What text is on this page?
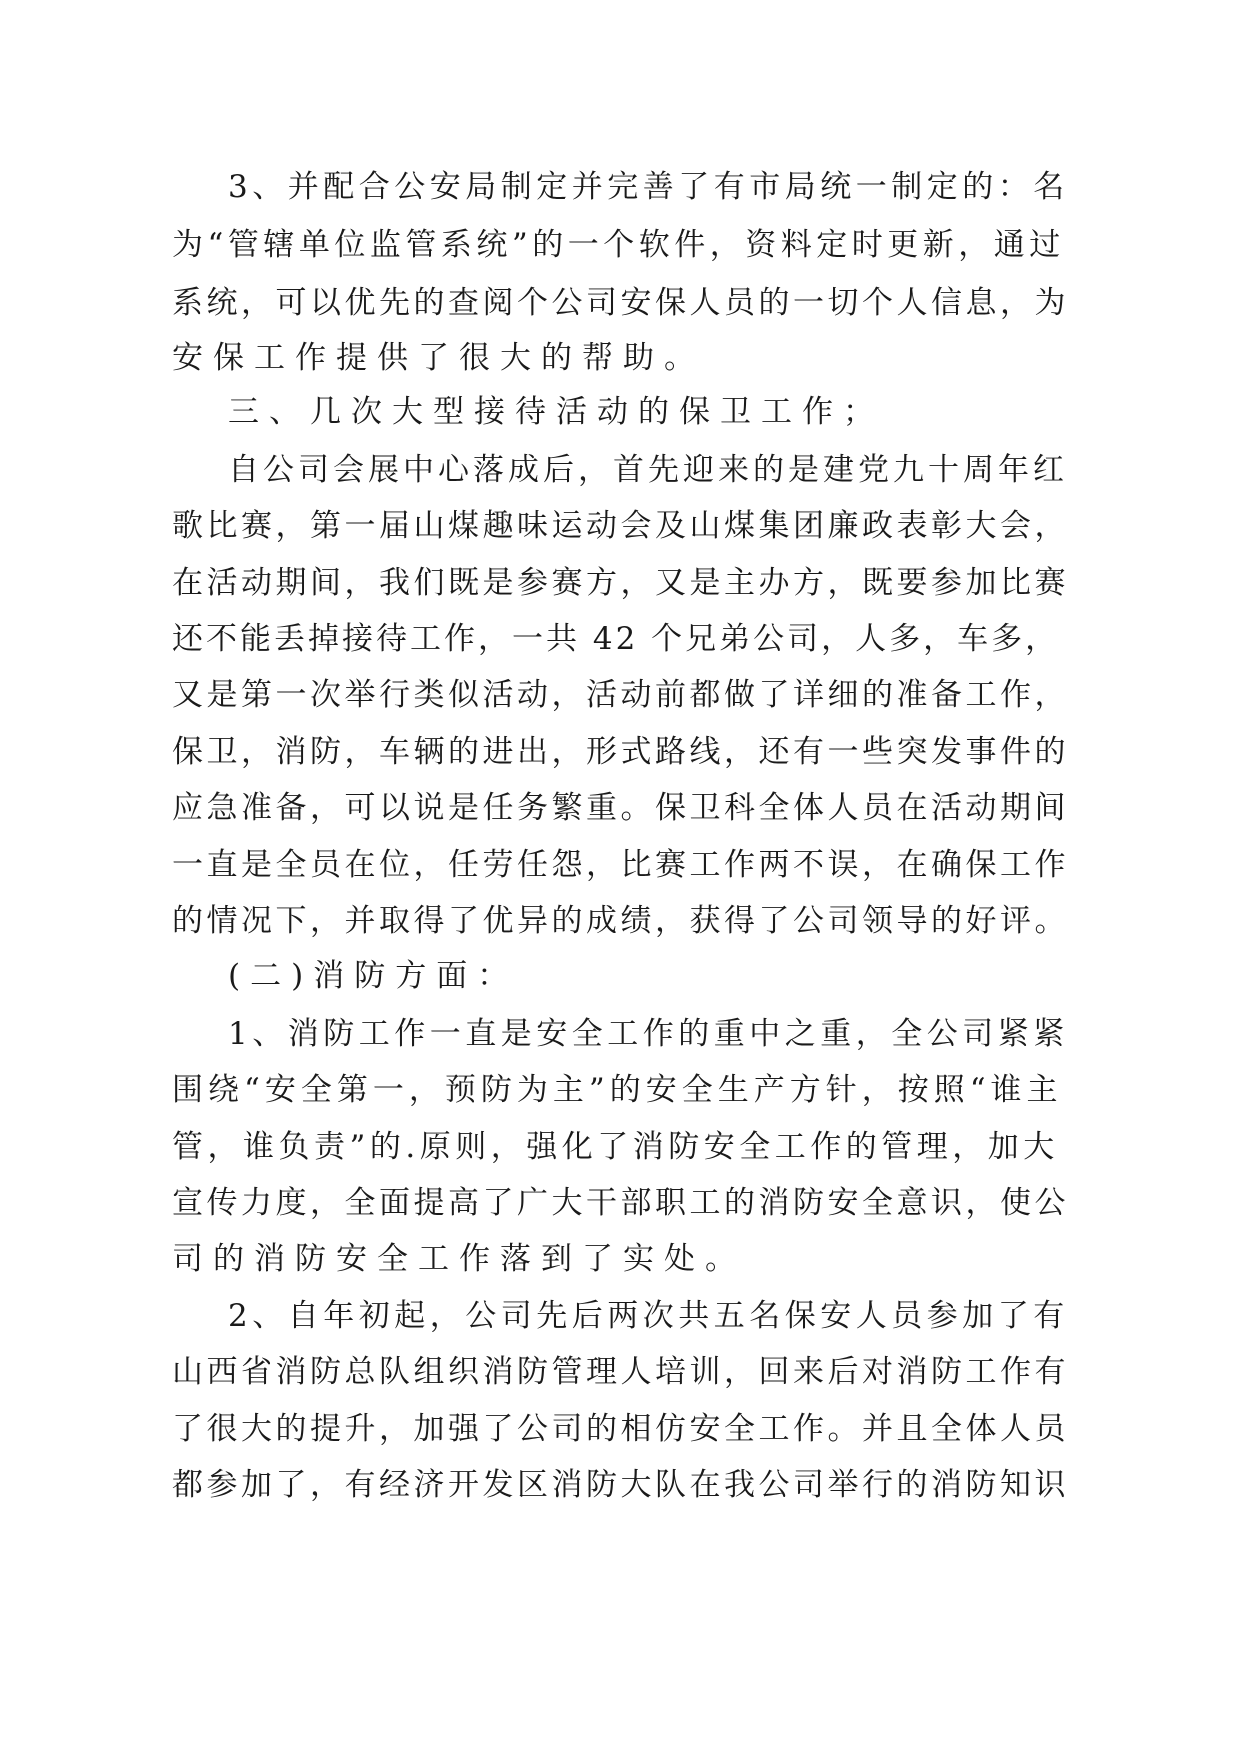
3、并配合公安局制定并完善了有市局统一制定的：名
为“管辖单位监管系统”的一个软件，资料定时更新，通过
系统，可以优先的查阅个公司安保人员的一切个人信息，为
安保工作提供了很大的帮助。
三、几次大型接待活动的保卫工作；
自公司会展中心落成后，首先迎来的是建党九十周年红
歌比赛，第一届山煤趣味运动会及山煤集团廉政表彰大会，
在活动期间，我们既是参赛方，又是主办方，既要参加比赛
还不能丢掉接待工作，一共 42 个兄弟公司，人多，车多，
又是第一次举行类似活动，活动前都做了详细的准备工作，
保卫，消防，车辆的进出，形式路线，还有一些突发事件的
应急准备，可以说是任务繁重。保卫科全体人员在活动期间
一直是全员在位，任劳任怨，比赛工作两不误，在确保工作
的情况下，并取得了优异的成绩，获得了公司领导的好评。
(二)消防方面：
1、消防工作一直是安全工作的重中之重，全公司紧紧
围绕“安全第一，预防为主”的安全生产方针，按照“谁主
管，谁负责”的.原则，强化了消防安全工作的管理，加大
宣传力度，全面提高了广大干部职工的消防安全意识，使公
司的消防安全工作落到了实处。
2、自年初起，公司先后两次共五名保安人员参加了有
山西省消防总队组织消防管理人培训，回来后对消防工作有
了很大的提升，加强了公司的相仿安全工作。并且全体人员
都参加了，有经济开发区消防大队在我公司举行的消防知识
